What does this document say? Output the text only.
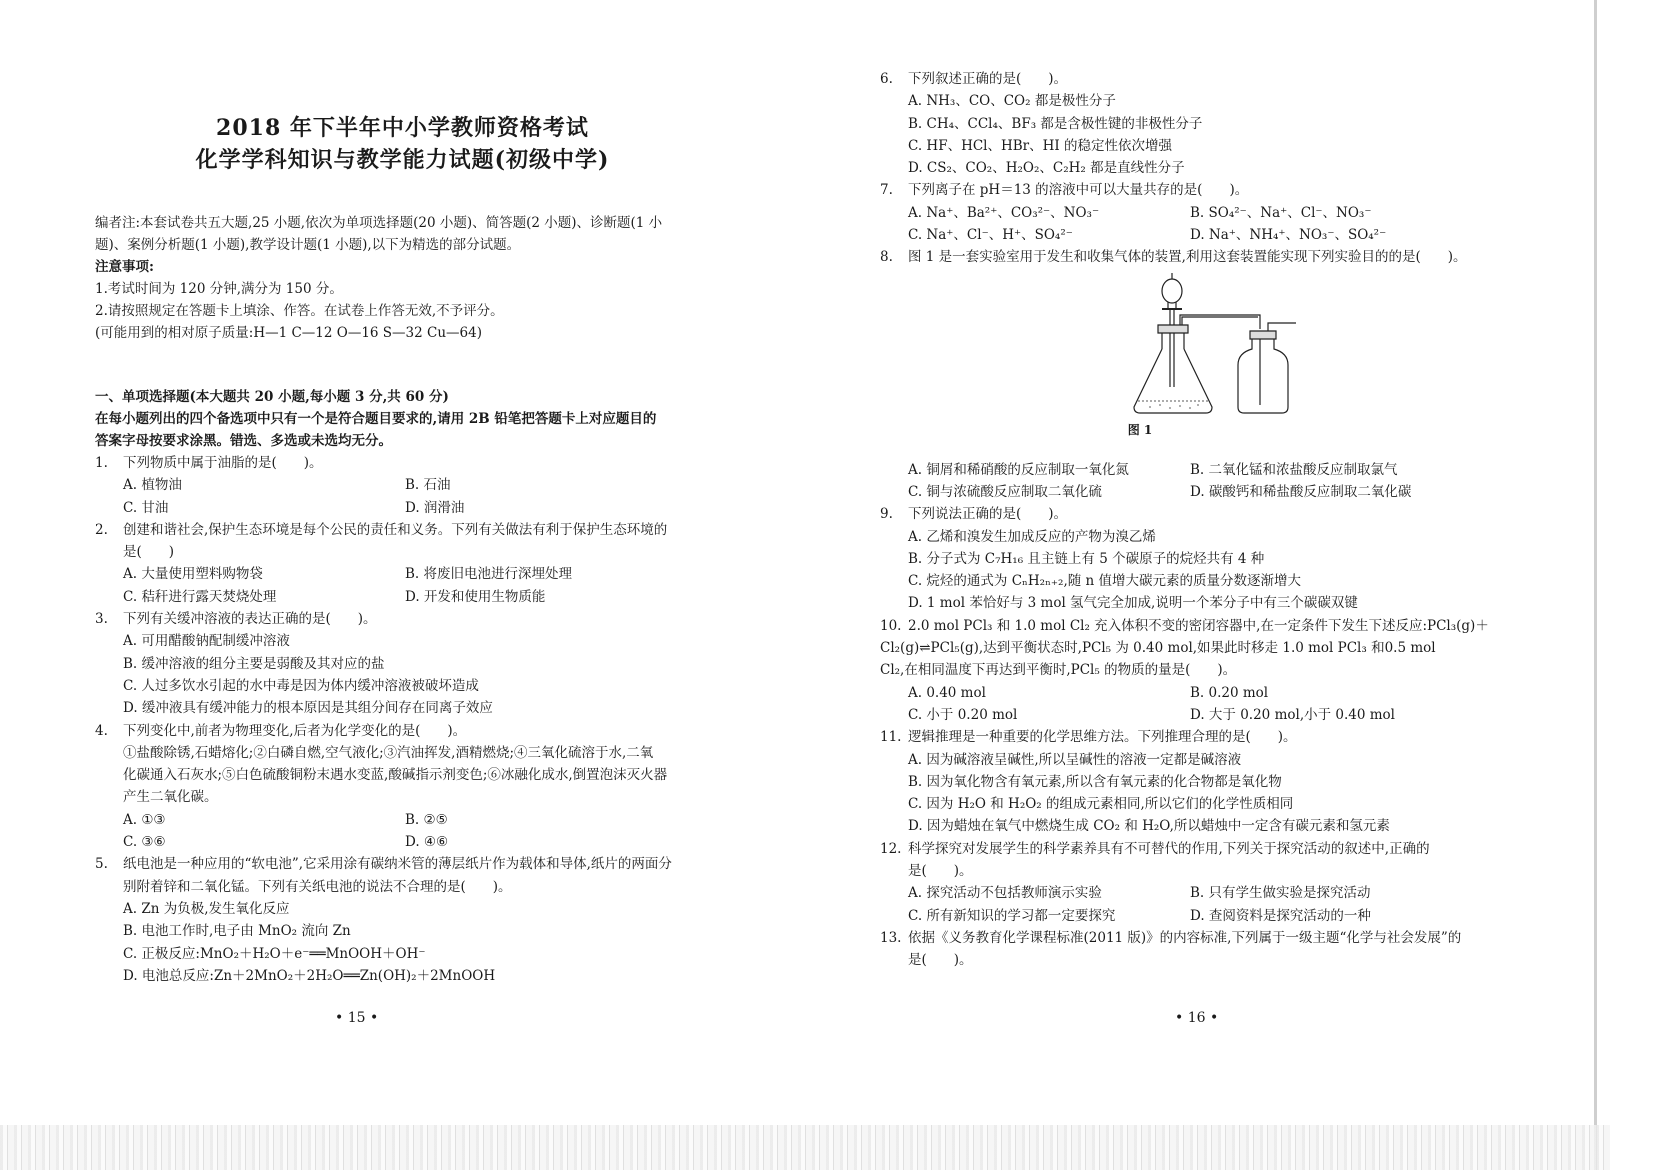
2018 年下半年中小学教师资格考试
化学学科知识与教学能力试题(初级中学)
编者注:本套试卷共五大题,25 小题,依次为单项选择题(20 小题)、简答题(2 小题)、诊断题(1 小
题)、案例分析题(1 小题),教学设计题(1 小题),以下为精选的部分试题。
注意事项:
1.考试时间为 120 分钟,满分为 150 分。
2.请按照规定在答题卡上填涂、作答。在试卷上作答无效,不予评分。
(可能用到的相对原子质量:H—1 C—12 O—16 S—32 Cu—64)
一、单项选择题(本大题共 20 小题,每小题 3 分,共 60 分)
在每小题列出的四个备选项中只有一个是符合题目要求的,请用 2B 铅笔把答题卡上对应题目的
答案字母按要求涂黑。错选、多选或未选均无分。
1. 下列物质中属于油脂的是(　　)。
A. 植物油	B. 石油
C. 甘油	D. 润滑油
2. 创建和谐社会,保护生态环境是每个公民的责任和义务。下列有关做法有利于保护生态环境的
是(　　)
A. 大量使用塑料购物袋	B. 将废旧电池进行深埋处理
C. 秸秆进行露天焚烧处理	D. 开发和使用生物质能
3. 下列有关缓冲溶液的表达正确的是(　　)。
A. 可用醋酸钠配制缓冲溶液
B. 缓冲溶液的组分主要是弱酸及其对应的盐
C. 人过多饮水引起的水中毒是因为体内缓冲溶液被破坏造成
D. 缓冲液具有缓冲能力的根本原因是其组分间存在同离子效应
4. 下列变化中,前者为物理变化,后者为化学变化的是(　　)。
①盐酸除锈,石蜡熔化;②白磷自燃,空气液化;③汽油挥发,酒精燃烧;④三氧化硫溶于水,二氧
化碳通入石灰水;⑤白色硫酸铜粉末遇水变蓝,酸碱指示剂变色;⑥冰融化成水,倒置泡沫灭火器
产生二氧化碳。
A. ①③	B. ②⑤
C. ③⑥	D. ④⑥
5. 纸电池是一种应用的“软电池”,它采用涂有碳纳米管的薄层纸片作为载体和导体,纸片的两面分
别附着锌和二氧化锰。下列有关纸电池的说法不合理的是(　　)。
A. Zn 为负极,发生氧化反应
B. 电池工作时,电子由 MnO₂ 流向 Zn
C. 正极反应:MnO₂＋H₂O＋e⁻══MnOOH＋OH⁻
D. 电池总反应:Zn＋2MnO₂＋2H₂O══Zn(OH)₂＋2MnOOH
• 15 •
6. 下列叙述正确的是(　　)。
A. NH₃、CO、CO₂ 都是极性分子
B. CH₄、CCl₄、BF₃ 都是含极性键的非极性分子
C. HF、HCl、HBr、HI 的稳定性依次增强
D. CS₂、CO₂、H₂O₂、C₂H₂ 都是直线性分子
7. 下列离子在 pH＝13 的溶液中可以大量共存的是(　　)。
A. Na⁺、Ba²⁺、CO₃²⁻、NO₃⁻	B. SO₄²⁻、Na⁺、Cl⁻、NO₃⁻
C. Na⁺、Cl⁻、H⁺、SO₄²⁻	D. Na⁺、NH₄⁺、NO₃⁻、SO₄²⁻
8. 图 1 是一套实验室用于发生和收集气体的装置,利用这套装置能实现下列实验目的的是(　　)。
图 1
A. 铜屑和稀硝酸的反应制取一氧化氮	B. 二氧化锰和浓盐酸反应制取氯气
C. 铜与浓硫酸反应制取二氧化硫	D. 碳酸钙和稀盐酸反应制取二氧化碳
9. 下列说法正确的是(　　)。
A. 乙烯和溴发生加成反应的产物为溴乙烯
B. 分子式为 C₇H₁₆ 且主链上有 5 个碳原子的烷烃共有 4 种
C. 烷烃的通式为 CₙH₂ₙ₊₂,随 n 值增大碳元素的质量分数逐渐增大
D. 1 mol 苯恰好与 3 mol 氢气完全加成,说明一个苯分子中有三个碳碳双键
10. 2.0 mol PCl₃ 和 1.0 mol Cl₂ 充入体积不变的密闭容器中,在一定条件下发生下述反应:PCl₃(g)＋
Cl₂(g)⇌PCl₅(g),达到平衡状态时,PCl₅ 为 0.40 mol,如果此时移走 1.0 mol PCl₃ 和0.5 mol
Cl₂,在相同温度下再达到平衡时,PCl₅ 的物质的量是(　　)。
A. 0.40 mol	B. 0.20 mol
C. 小于 0.20 mol	D. 大于 0.20 mol,小于 0.40 mol
11. 逻辑推理是一种重要的化学思维方法。下列推理合理的是(　　)。
A. 因为碱溶液呈碱性,所以呈碱性的溶液一定都是碱溶液
B. 因为氧化物含有氧元素,所以含有氧元素的化合物都是氧化物
C. 因为 H₂O 和 H₂O₂ 的组成元素相同,所以它们的化学性质相同
D. 因为蜡烛在氧气中燃烧生成 CO₂ 和 H₂O,所以蜡烛中一定含有碳元素和氢元素
12. 科学探究对发展学生的科学素养具有不可替代的作用,下列关于探究活动的叙述中,正确的
是(　　)。
A. 探究活动不包括教师演示实验	B. 只有学生做实验是探究活动
C. 所有新知识的学习都一定要探究	D. 查阅资料是探究活动的一种
13. 依据《义务教育化学课程标准(2011 版)》的内容标准,下列属于一级主题“化学与社会发展”的
是(　　)。
• 16 •
